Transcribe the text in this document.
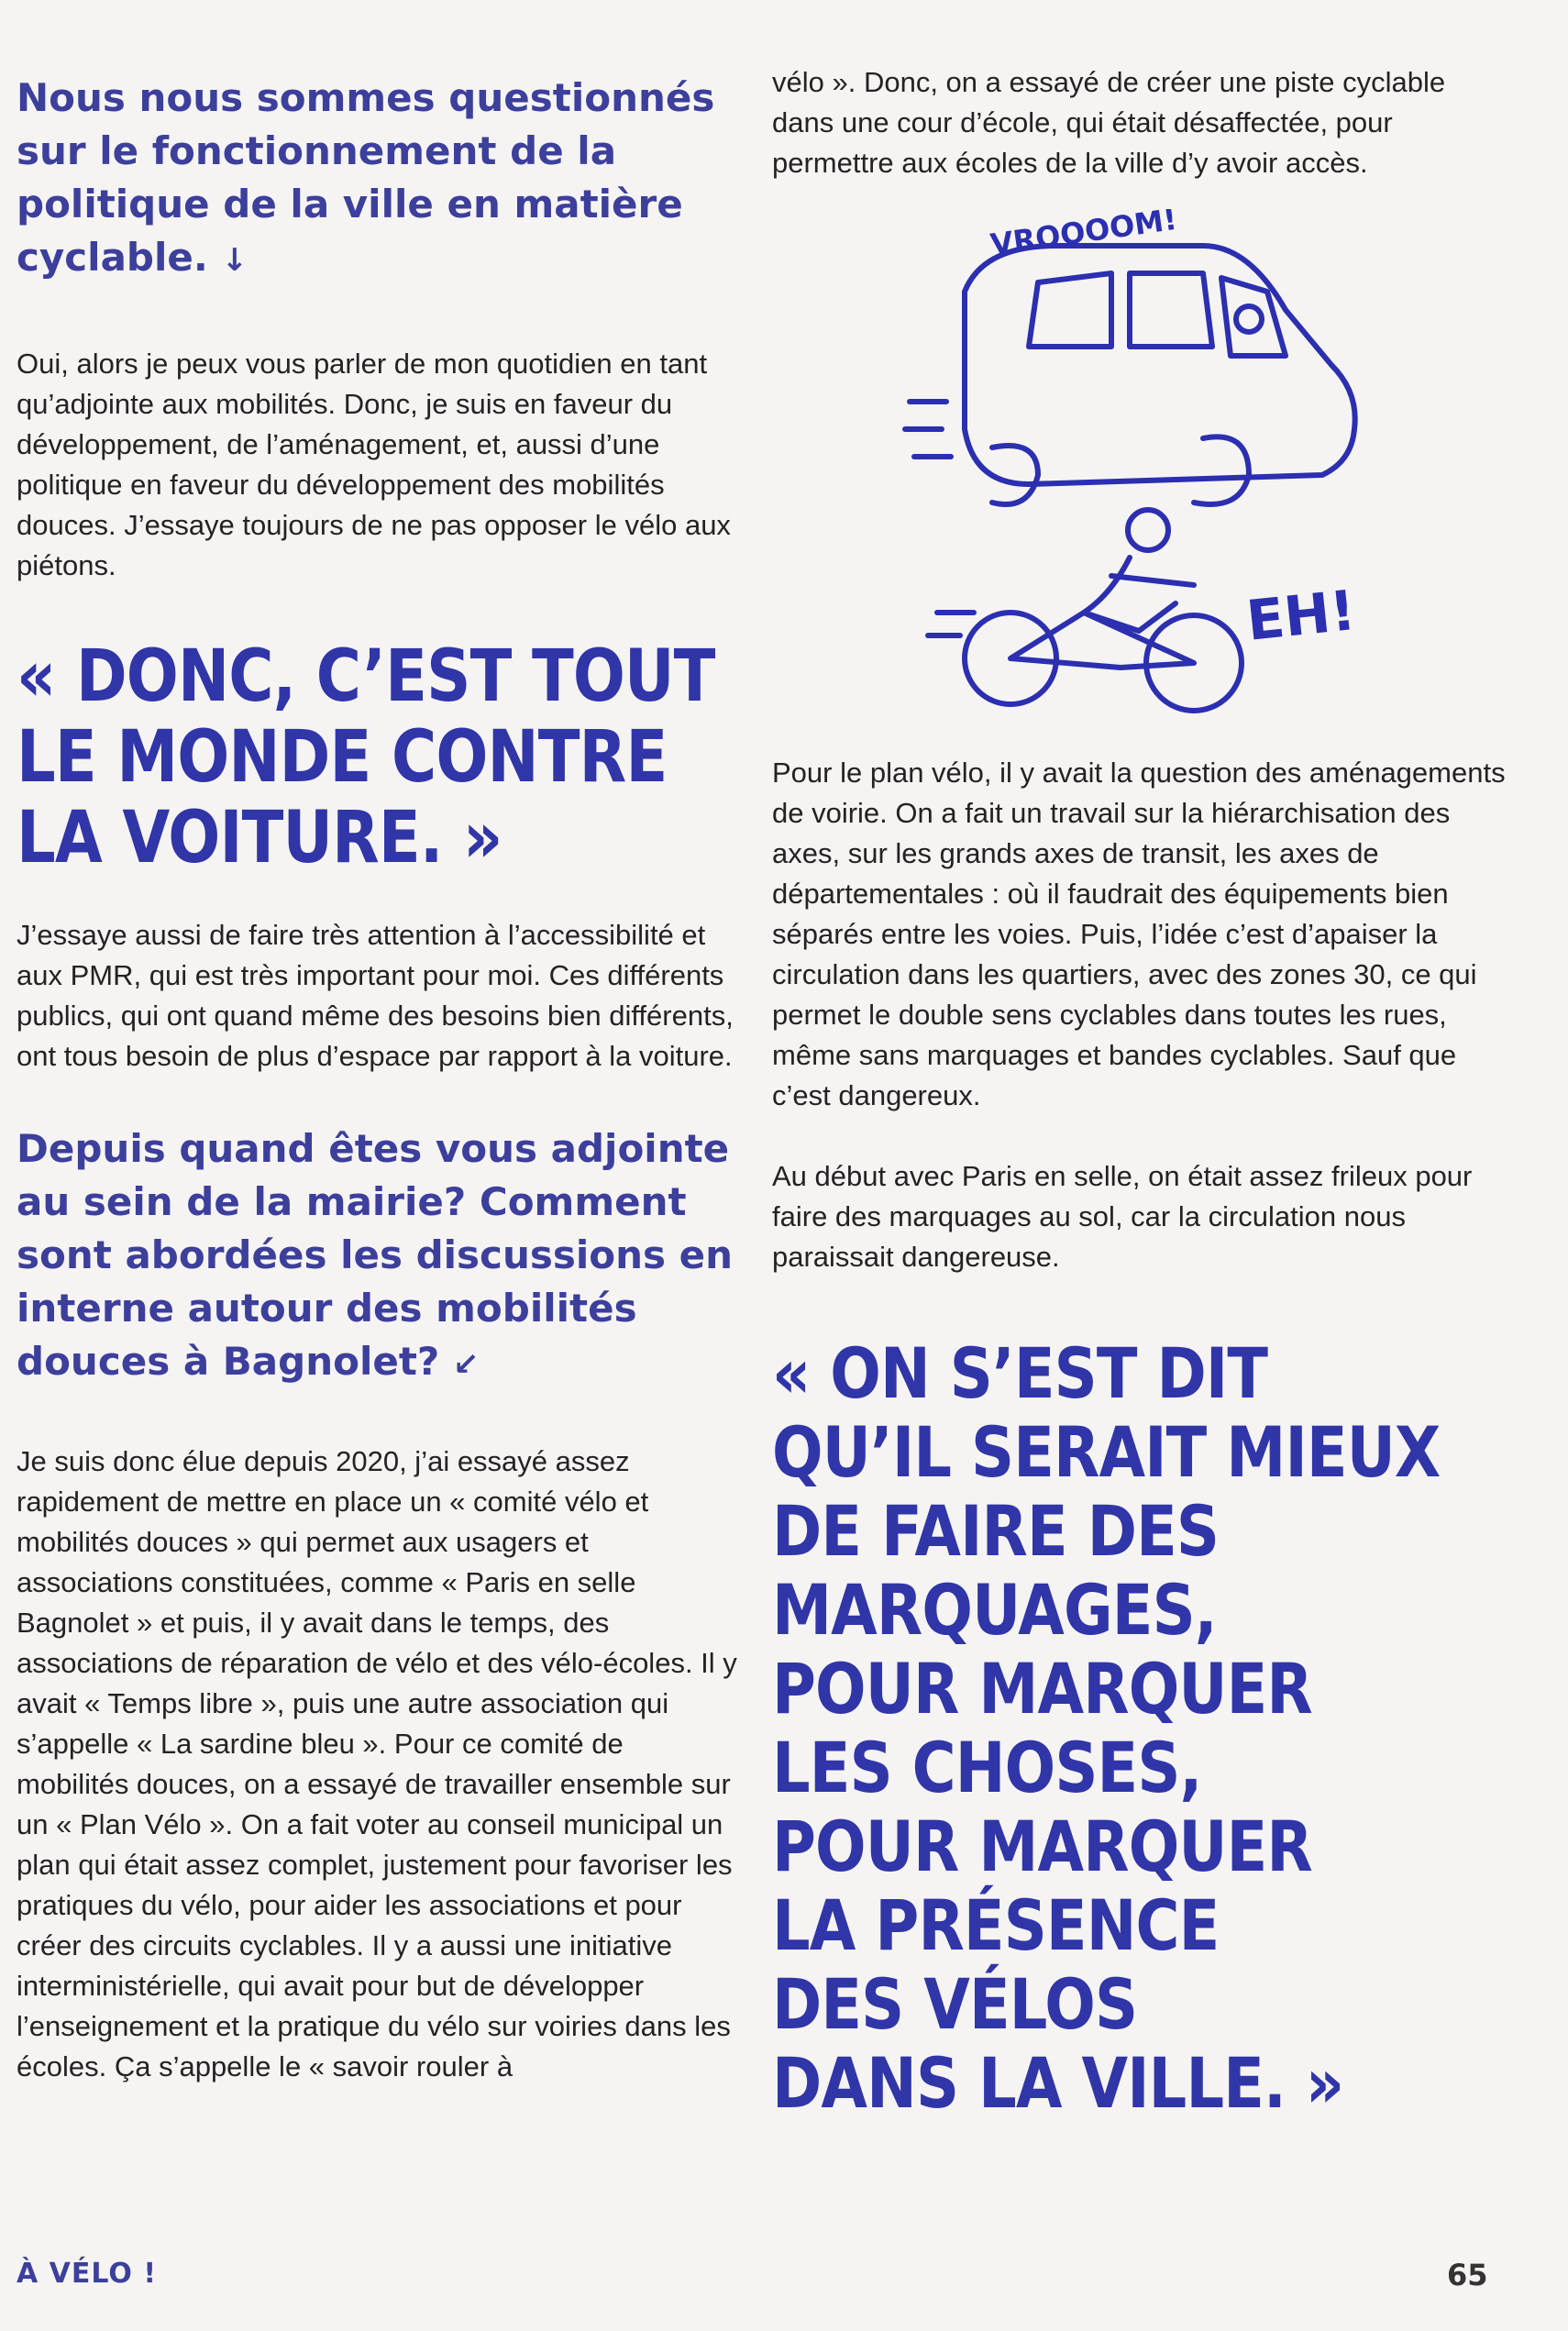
Nous nous sommes questionnés sur le fonctionnement de la politique de la ville en matière cyclable. ↓

Oui, alors je peux vous parler de mon quotidien en tant qu’adjointe aux mobilités. Donc, je suis en faveur du développement, de l’aménagement, et, aussi d’une politique en faveur du développement des mobilités douces. J’essaye toujours de ne pas opposer le vélo aux piétons.

« DONC, C’EST TOUT
LE MONDE CONTRE
LA VOITURE. »

J’essaye aussi de faire très attention à l’accessibilité et aux PMR, qui est très important pour moi. Ces différents publics, qui ont quand même des besoins bien différents, ont tous besoin de plus d’espace par rapport à la voiture.

Depuis quand êtes vous adjointe au sein de la mairie? Comment sont abordées les discussions en interne autour des mobilités douces à Bagnolet? ↙

Je suis donc élue depuis 2020, j’ai essayé assez rapidement de mettre en place un « comité vélo et mobilités douces » qui permet aux usagers et associations constituées, comme « Paris en selle Bagnolet » et puis, il y avait dans le temps, des associations de réparation de vélo et des vélo-écoles. Il y avait « Temps libre », puis une autre association qui s’appelle « La sardine bleu ». Pour ce comité de mobilités douces, on a essayé de travailler ensemble sur un « Plan Vélo ». On a fait voter au conseil municipal un plan qui était assez complet, justement pour favoriser les pratiques du vélo, pour aider les associations et pour créer des circuits cyclables. Il y a aussi une initiative interministérielle, qui avait pour but de développer l’enseignement et la pratique du vélo sur voiries dans les écoles. Ça s’appelle le « savoir rouler à

vélo ». Donc, on a essayé de créer une piste cyclable dans une cour d’école, qui était désaffectée, pour permettre aux écoles de la ville d’y avoir accès.

VROOOOM!
EH!

Pour le plan vélo, il y avait la question des aménagements de voirie. On a fait un travail sur la hiérarchisation des axes, sur les grands axes de transit, les axes de départementales : où il faudrait des équipements bien séparés entre les voies. Puis, l’idée c’est d’apaiser la circulation dans les quartiers, avec des zones 30, ce qui permet le double sens cyclables dans toutes les rues, même sans marquages et bandes cyclables. Sauf que c’est dangereux.

Au début avec Paris en selle, on était assez frileux pour faire des marquages au sol, car la circulation nous paraissait dangereuse.

« ON S’EST DIT
QU’IL SERAIT MIEUX
DE FAIRE DES
MARQUAGES,
POUR MARQUER
LES CHOSES,
POUR MARQUER
LA PRÉSENCE
DES VÉLOS
DANS LA VILLE. »
À VÉLO !	65
